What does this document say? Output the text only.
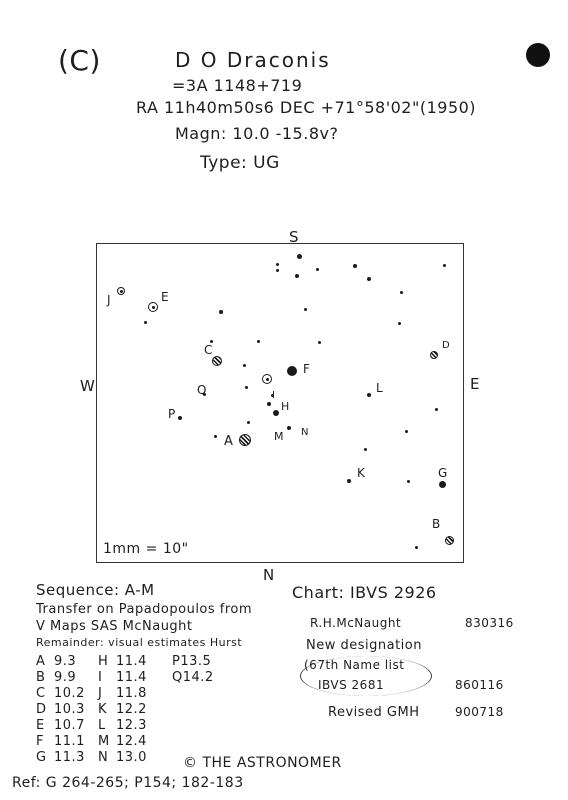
(C)	D O Draconis
=3A 1148+719
RA 11h40m50s6 DEC +71°58'02"(1950)
Magn: 10.0 -15.8v?
Type: UG
S
N
W	E
J	E
C	D
F
Q	L
I
H
P
A	M N
K	G
B
1mm = 10"
Sequence: A-M
Transfer on Papadopoulos from
V Maps SAS McNaught
Remainder: visual estimates Hurst
A 9.3 H 11.4 P13.5
B 9.9 I 11.4 Q14.2
C 10.2 J 11.8
D 10.3 K 12.2
E 10.7 L 12.3
F 11.1 M 12.4
G 11.3 N 13.0
Chart: IBVS 2926
R.H.McNaught	830316
New designation
(67th Name list
IBVS 2681	860116
Revised GMH	900718
© THE ASTRONOMER
Ref: G 264-265; P154; 182-183
